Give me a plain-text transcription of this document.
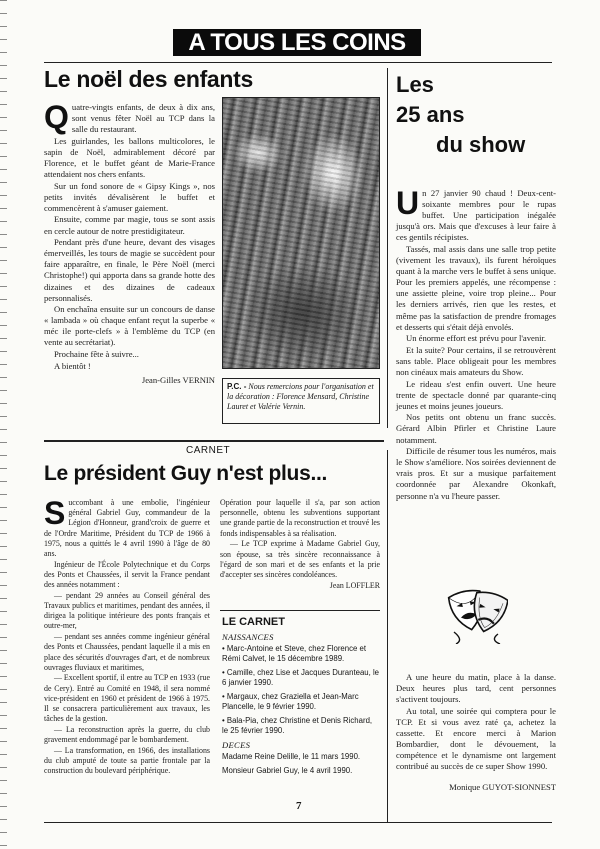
A TOUS LES COINS
Le noël des enfants

Quatre-vingts enfants, de deux à dix ans, sont venus fêter Noël au TCP dans la salle du restaurant.

Les guirlandes, les ballons multicolores, le sapin de Noël, admirablement décoré par Florence, et le buffet géant de Marie-France attendaient nos chers enfants.

Sur un fond sonore de « Gipsy Kings », nos petits invités dévalisèrent le buffet et commencèrent à s'amuser gaiement.

Ensuite, comme par magie, tous se sont assis en cercle autour de notre prestidigitateur.

Pendant près d'une heure, devant des visages émerveillés, les tours de magie se succèdent pour faire apparaître, en finale, le Père Noël (merci Christophe!) qui apporta dans sa grande hotte des dizaines et des dizaines de cadeaux personnalisés.

On enchaîna ensuite sur un concours de danse « lambada » où chaque enfant reçut la superbe « méc ile porte-clefs » à l'emblème du TCP (en vente au secrétariat).

Prochaine fête à suivre...

A bientôt !

Jean-Gilles VERNIN
P.C. - Nous remercions pour l'organisation et la décoration : Florence Mensard, Christine Lauret et Valérie Vernin.
Les
25 ans
du show

Un 27 janvier 90 chaud ! Deux-cent-soixante membres pour le rupas buffet. Une participation inégalée jusqu'à ors. Mais que d'excuses à leur faire à ces gentils récipistes.

Tassés, mal assis dans une salle trop petite (vivement les travaux), ils furent héroïques quant à la marche vers le buffet à sens unique. Pour les premiers appelés, une récompense : une assiette pleine, voire trop pleine... Pour les derniers arrivés, rien que les restes, et même pas la satisfaction de prendre fromages et desserts qui s'était déjà envolés.

Un énorme effort est prévu pour l'avenir.

Et la suite? Pour certains, il se retrouvèrent sans table. Place obligeait pour les membres non cinéaux mais amateurs du Show.

Le rideau s'est enfin ouvert. Une heure trente de spectacle donné par quarante-cinq jeunes et moins jeunes joueurs.

Nos petits ont obtenu un franc succès. Gérard Albin Pfirler et Christine Laure notamment.

Difficile de résumer tous les numéros, mais le Show s'améliore. Nos soirées deviennent de vrais pros. Et sur a musique parfaitement coordonnée par Alexandre Okonkaft, personne n'a vu l'heure passer.

A une heure du matin, place à la danse. Deux heures plus tard, cent personnes s'activent toujours.

Au total, une soirée qui comptera pour le TCP. Et si vous avez raté ça, achetez la cassette. Et encore merci à Marion Bombardier, dont le dévouement, la compétence et le dynamisme ont largement contribué au succès de ce super Show 1990.

Monique GUYOT-SIONNEST
CARNET
Le président Guy n'est plus...

Succombant à une embolie, l'ingénieur général Gabriel Guy, commandeur de la Légion d'Honneur, grand'croix de guerre et de l'Ordre Maritime, Président du TCP de 1966 à 1975, nous a quittés le 4 avril 1990 à l'âge de 80 ans.

Ingénieur de l'École Polytechnique et du Corps des Ponts et Chaussées, il servit la France pendant des années notamment :

— pendant 29 années au Conseil général des Travaux publics et maritimes, pendant des années, il dirigea la politique intérieure des ponts français et outre-mer,

— pendant ses années comme ingénieur général des Ponts et Chaussées, pendant laquelle il a mis en place des sécurités d'ouvrages d'art, et de nombreux ouvrages fluviaux et maritimes,

— Excellent sportif, il entre au TCP en 1933 (rue de Cery). Entré au Comité en 1948, il sera nommé vice-président en 1960 et président de 1966 à 1975. Il se consacrera particulièrement aux travaux, les tâches de la gestion.

— La reconstruction après la guerre, du club gravement endommagé par le bombardement.

— La transformation, en 1966, des installations du club amputé de toute sa partie frontale par la construction du boulevard périphérique.

Opération pour laquelle il s'a, par son action personnelle, obtenu les subventions supportant une grande partie de la reconstruction et trouvé les fonds indispensables à sa réalisation.

— Le TCP exprime à Madame Gabriel Guy, son épouse, sa très sincère reconnaissance à l'égard de son mari et de ses enfants et la prie d'accepter ses sincères condoléances.

Jean LOFFLER
LE CARNET
NAISSANCES
• Marc-Antoine et Steve, chez Florence et Rémi Calvet, le 15 décembre 1989.
• Camille, chez Lise et Jacques Duranteau, le 6 janvier 1990.
• Margaux, chez Graziella et Jean-Marc Plancelle, le 9 février 1990.
• Bala-Pia, chez Christine et Denis Richard, le 25 février 1990.
DECES
Madame Reine Delille, le 11 mars 1990.
Monsieur Gabriel Guy, le 4 avril 1990.
7
